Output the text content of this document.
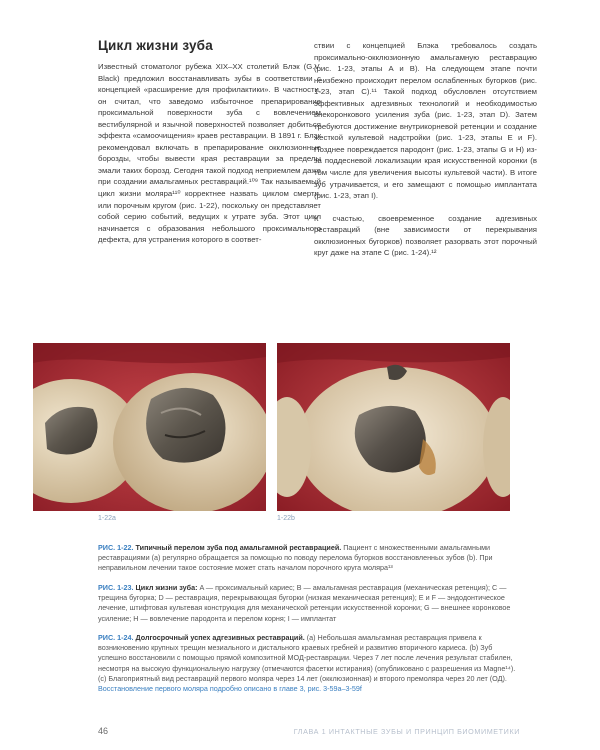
Цикл жизни зуба

Известный стоматолог рубежа XIX–XX столетий Блэк (G.V. Black) предложил восстанавливать зубы в соответствии с концепцией «расширение для профилактики». В частности, он считал, что заведомо избыточное препарирование проксимальной поверхности зуба с вовлечением вестибулярной и язычной поверхностей позволяет добиться эффекта «самоочищения» краев реставрации. В 1891 г. Блэк рекомендовал включать в препарирование окклюзионные борозды, чтобы вывести края реставрации за пределы эмали таких борозд. Сегодня такой подход неприемлем даже при создании амальгамных реставраций.¹⁰⁹ Так называемый цикл жизни моляра¹¹⁰ корректнее назвать циклом смерти, или порочным кругом (рис. 1-22), поскольку он представляет собой серию событий, ведущих к утрате зуба. Этот цикл начинается с образования небольшого проксимального дефекта, для устранения которого в соответ-

ствии с концепцией Блэка требовалось создать проксимально-окклюзионную амальгамную реставрацию (рис. 1-23, этапы A и B). На следующем этапе почти неизбежно происходит перелом ослабленных бугорков (рис. 1-23, этап C).¹¹ Такой подход обусловлен отсутствием эффективных адгезивных технологий и необходимостью внекоронкового усиления зуба (рис. 1-23, этап D). Затем требуются достижение внутрикорневой ретенции и создание жесткой культевой надстройки (рис. 1-23, этапы E и F). Позднее повреждается пародонт (рис. 1-23, этапы G и H) из-за поддесневой локализации края искусственной коронки (в том числе для увеличения высоты культевой части). В итоге зуб утрачивается, и его замещают с помощью имплантата (рис. 1-23, этап I).

К счастью, своевременное создание адгезивных реставраций (вне зависимости от перекрывания окклюзионных бугорков) позволяет разорвать этот порочный круг даже на этапе C (рис. 1-24).¹²

1-22a	1-22b

РИС. 1-22. Типичный перелом зуба под амальгамной реставрацией. Пациент с множественными амальгамными реставрациями (a) регулярно обращается за помощью по поводу перелома бугорков восстановленных зубов (b). При неправильном лечении такое состояние может стать началом порочного круга моляра¹³

РИС. 1-23. Цикл жизни зуба: A — проксимальный кариес; B — амальгамная реставрация (механическая ретенция); C — трещина бугорка; D — реставрация, перекрывающая бугорки (низкая механическая ретенция); E и F — эндодонтическое лечение, штифтовая культевая конструкция для механической ретенции искусственной коронки; G — внешнее коронковое усиление; H — вовлечение пародонта и перелом корня; I — имплантат

РИС. 1-24. Долгосрочный успех адгезивных реставраций. (a) Небольшая амальгамная реставрация привела к возникновению крупных трещин мезиального и дистального краевых гребней и развитию вторичного кариеса. (b) Зуб успешно восстановили с помощью прямой композитной МОД-реставрации. Через 7 лет после лечения результат стабилен, несмотря на высокую функциональную нагрузку (отмечаются фасетки истирания) (опубликовано с разрешения из Magne¹⁴). (c) Благоприятный вид реставраций первого моляра через 14 лет (окклюзионная) и второго премоляра через 20 лет (ОД). Восстановление первого моляра подробно описано в главе 3, рис. 3-59a–3-59f

46	ГЛАВА 1 ИНТАКТНЫЕ ЗУБЫ И ПРИНЦИП БИОМИМЕТИКИ
